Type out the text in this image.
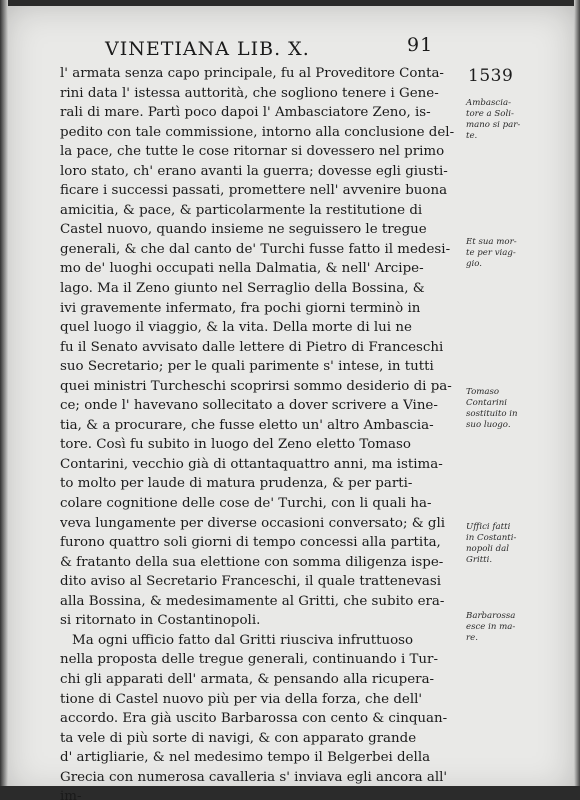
VINETIANA LIB. X.	91
1539
l' armata senza capo principale, fu al Proveditore Conta-
rini data l' istessa auttorità, che sogliono tenere i Gene-
rali di mare. Partì poco dapoi l' Ambasciatore Zeno, is-
pedito con tale commissione, intorno alla conclusione del-
la pace, che tutte le cose ritornar si dovessero nel primo
loro stato, ch' erano avanti la guerra; dovesse egli giusti-
ficare i successi passati, promettere nell' avvenire buona
amicitia, & pace, & particolarmente la restitutione di
Castel nuovo, quando insieme ne seguissero le tregue
generali, & che dal canto de' Turchi fusse fatto il medesi-
mo de' luoghi occupati nella Dalmatia, & nell' Arcipe-
lago. Ma il Zeno giunto nel Serraglio della Bossina, &
ivi gravemente infermato, fra pochi giorni terminò in
quel luogo il viaggio, & la vita. Della morte di lui ne
fu il Senato avvisato dalle lettere di Pietro di Franceschi
suo Secretario; per le quali parimente s' intese, in tutti
quei ministri Turcheschi scoprirsi sommo desiderio di pa-
ce; onde l' havevano sollecitato a dover scrivere a Vine-
tia, & a procurare, che fusse eletto un' altro Ambascia-
tore. Così fu subito in luogo del Zeno eletto Tomaso
Contarini, vecchio già di ottantaquattro anni, ma istima-
to molto per laude di matura prudenza, & per parti-
colare cognitione delle cose de' Turchi, con li quali ha-
veva lungamente per diverse occasioni conversato; & gli
furono quattro soli giorni di tempo concessi alla partita,
& fratanto della sua elettione con somma diligenza ispe-
dito aviso al Secretario Franceschi, il quale trattenevasi
alla Bossina, & medesimamente al Gritti, che subito era-
si ritornato in Costantinopoli.
Ma ogni ufficio fatto dal Gritti riusciva infruttuoso
nella proposta delle tregue generali, continuando i Tur-
chi gli apparati dell' armata, & pensando alla ricupera-
tione di Castel nuovo più per via della forza, che dell'
accordo. Era già uscito Barbarossa con cento & cinquan-
ta vele di più sorte di navigi, & con apparato grande
d' artigliarie, & nel medesimo tempo il Belgerbei della
Grecia con numerosa cavalleria s' inviava egli ancora all'
im-
Ambascia-
tore a Soli-
mano si par-
te.
Et sua mor-
te per viag-
gio.
Tomaso
Contarini
sostituito in
suo luogo.
Uffici fatti
in Costanti-
nopoli dal
Gritti.
Barbarossa
esce in ma-
re.
